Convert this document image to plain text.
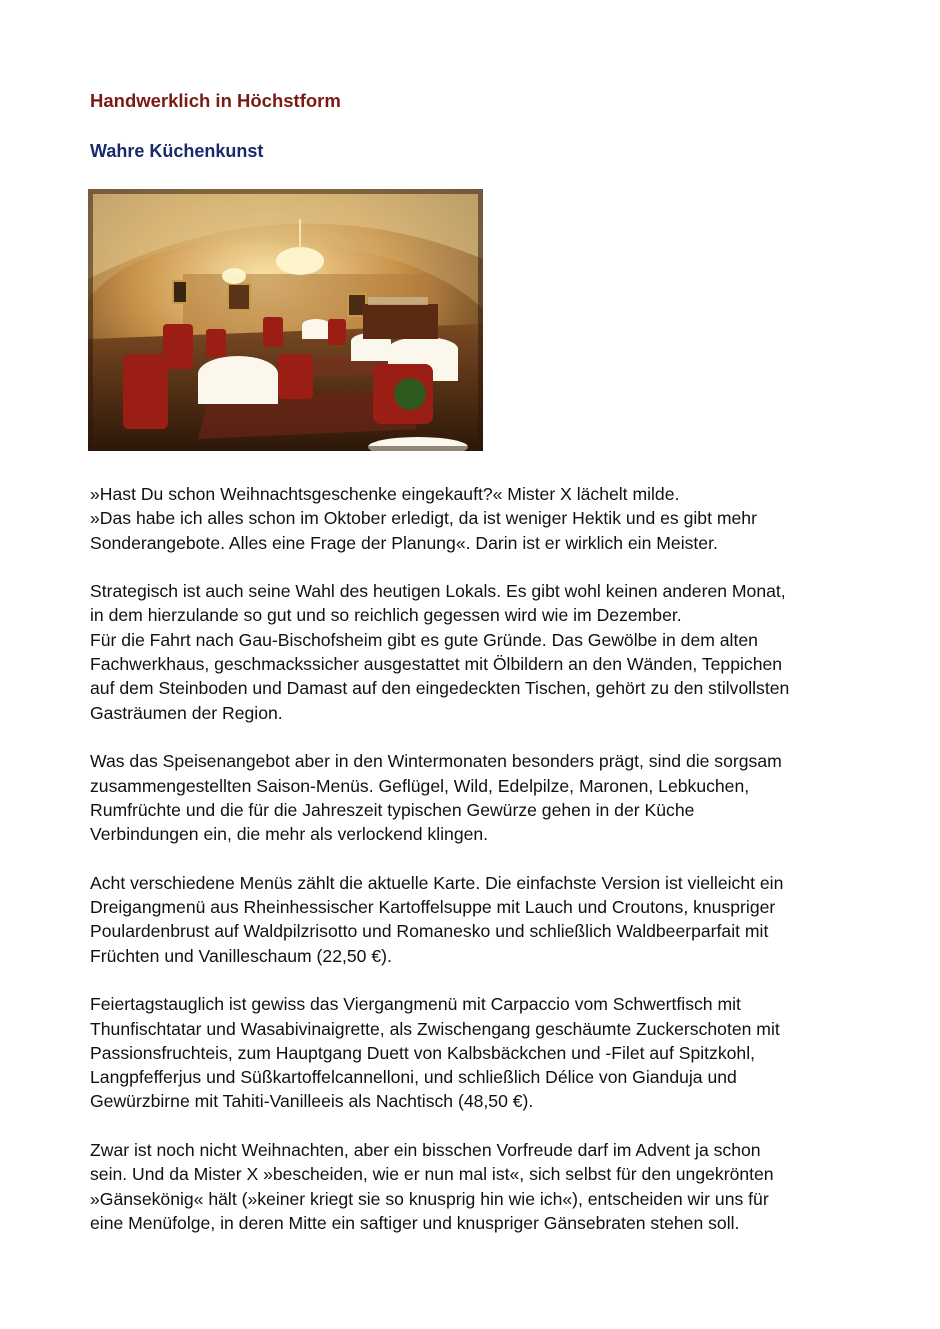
Handwerklich in Höchstform
Wahre Küchenkunst

»Hast Du schon Weihnachtsgeschenke eingekauft?« Mister X lächelt milde.
»Das habe ich alles schon im Oktober erledigt, da ist weniger Hektik und es gibt mehr
Sonderangebote. Alles eine Frage der Planung«. Darin ist er wirklich ein Meister.

Strategisch ist auch seine Wahl des heutigen Lokals. Es gibt wohl keinen anderen Monat,
in dem hierzulande so gut und so reichlich gegessen wird wie im Dezember.
Für die Fahrt nach Gau-Bischofsheim gibt es gute Gründe. Das Gewölbe in dem alten
Fachwerkhaus, geschmackssicher ausgestattet mit Ölbildern an den Wänden, Teppichen
auf dem Steinboden und Damast auf den eingedeckten Tischen, gehört zu den stilvollsten
Gasträumen der Region.

Was das Speisenangebot aber in den Wintermonaten besonders prägt, sind die sorgsam
zusammengestellten Saison-Menüs. Geflügel, Wild, Edelpilze, Maronen, Lebkuchen,
Rumfrüchte und die für die Jahreszeit typischen Gewürze gehen in der Küche
Verbindungen ein, die mehr als verlockend klingen.

Acht verschiedene Menüs zählt die aktuelle Karte. Die einfachste Version ist vielleicht ein
Dreigangmenü aus Rheinhessischer Kartoffelsuppe mit Lauch und Croutons, knuspriger
Poulardenbrust auf Waldpilzrisotto und Romanesko und schließlich Waldbeerparfait mit
Früchten und Vanilleschaum (22,50 €).

Feiertagstauglich ist gewiss das Viergangmenü mit Carpaccio vom Schwertfisch mit
Thunfischtatar und Wasabivinaigrette, als Zwischengang geschäumte Zuckerschoten mit
Passionsfruchteis, zum Hauptgang Duett von Kalbsbäckchen und -Filet auf Spitzkohl,
Langpfefferjus und Süßkartoffelcannelloni, und schließlich Délice von Gianduja und
Gewürzbirne mit Tahiti-Vanilleeis als Nachtisch (48,50 €).

Zwar ist noch nicht Weihnachten, aber ein bisschen Vorfreude darf im Advent ja schon
sein. Und da Mister X »bescheiden, wie er nun mal ist«, sich selbst für den ungekrönten
»Gänsekönig« hält (»keiner kriegt sie so knusprig hin wie ich«), entscheiden wir uns für
eine Menüfolge, in deren Mitte ein saftiger und knuspriger Gänsebraten stehen soll.
